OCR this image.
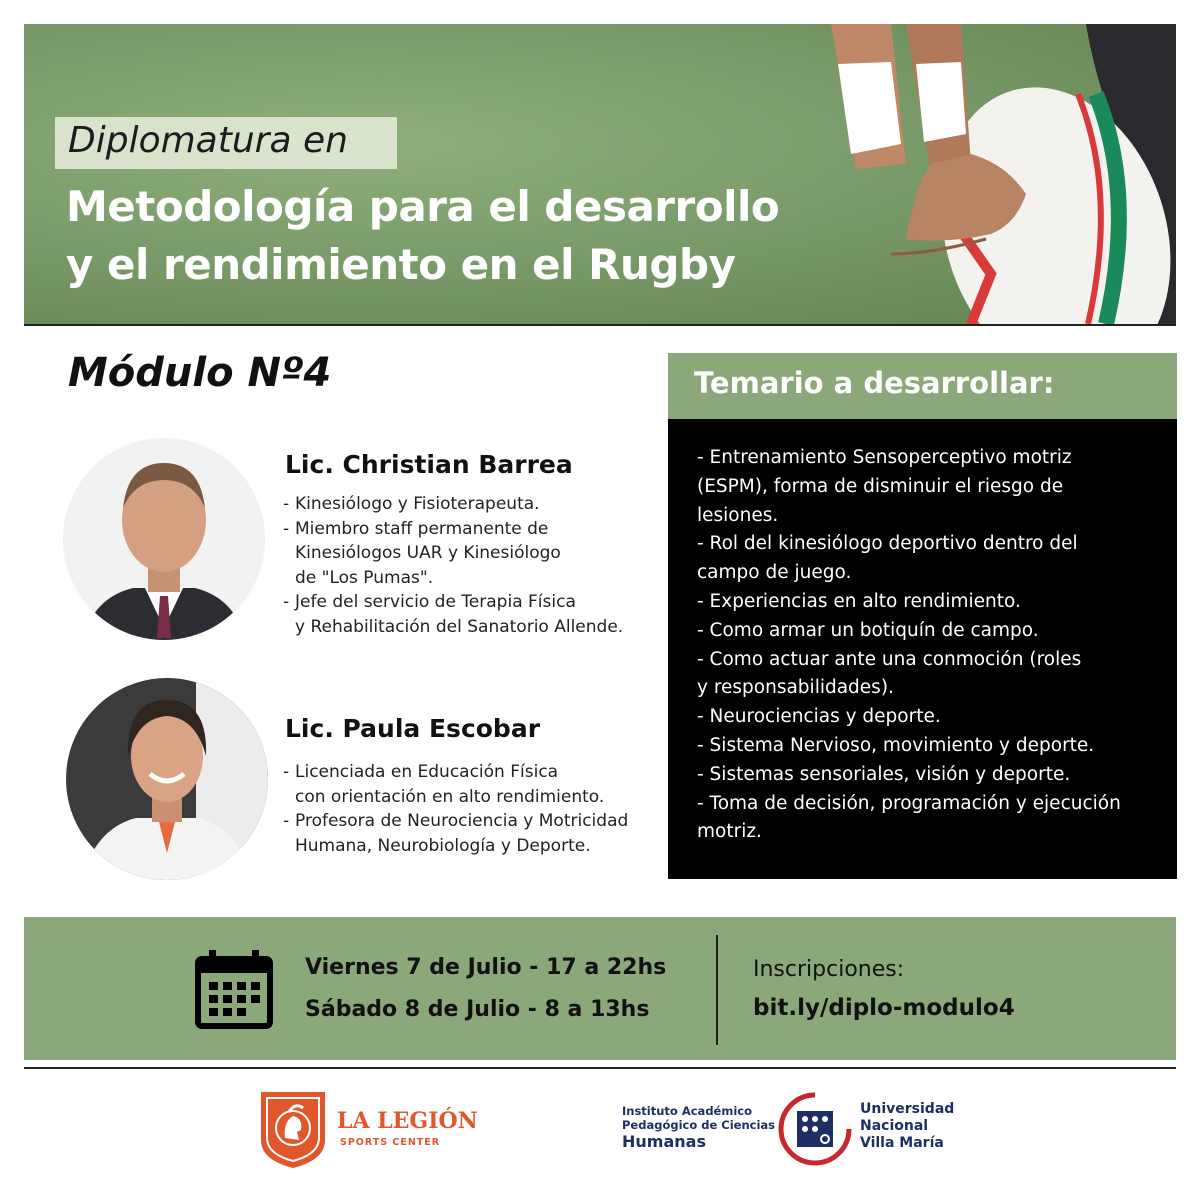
Diplomatura en
Metodología para el desarrollo
y el rendimiento en el Rugby
Módulo Nº4
Lic. Christian Barrea
- Kinesiólogo y Fisioterapeuta.
- Miembro staff permanente de
Kinesiólogos UAR y Kinesiólogo
de "Los Pumas".
- Jefe del servicio de Terapia Física
y Rehabilitación del Sanatorio Allende.
Lic. Paula Escobar
- Licenciada en Educación Física
con orientación en alto rendimiento.
- Profesora de Neurociencia y Motricidad
Humana, Neurobiología y Deporte.
Temario a desarrollar:
- Entrenamiento Sensoperceptivo motriz
(ESPM), forma de disminuir el riesgo de
lesiones.
- Rol del kinesiólogo deportivo dentro del
campo de juego.
- Experiencias en alto rendimiento.
- Como armar un botiquín de campo.
- Como actuar ante una conmoción (roles
y responsabilidades).
- Neurociencias y deporte.
- Sistema Nervioso, movimiento y deporte.
- Sistemas sensoriales, visión y deporte.
- Toma de decisión, programación y ejecución
motriz.
Viernes 7 de Julio - 17 a 22hs
Sábado 8 de Julio - 8 a 13hs
Inscripciones:
bit.ly/diplo-modulo4
LA LEGIÓN
SPORTS CENTER
Instituto Académico
Pedagógico de Ciencias
Humanas
Universidad
Nacional
Villa María
